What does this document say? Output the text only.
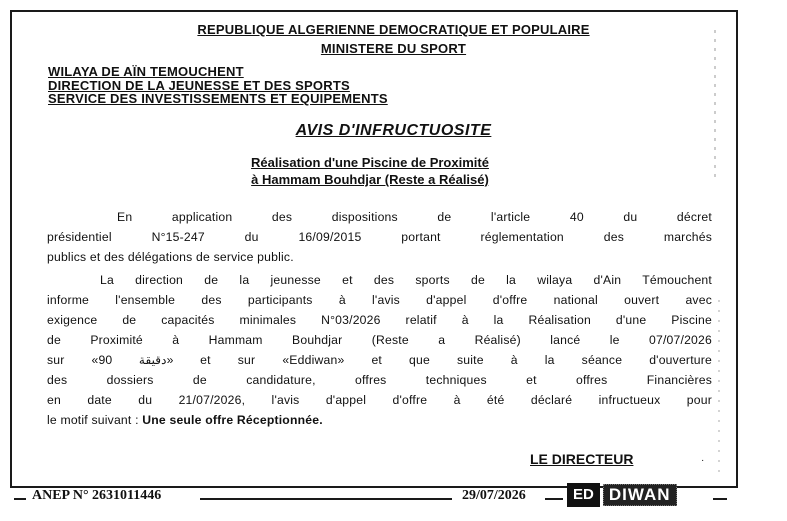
REPUBLIQUE ALGERIENNE DEMOCRATIQUE ET POPULAIRE
MINISTERE DU SPORT
WILAYA DE AÏN TEMOUCHENT
DIRECTION DE LA JEUNESSE ET DES SPORTS
SERVICE DES INVESTISSEMENTS ET EQUIPEMENTS
AVIS D'INFRUCTUOSITE
Réalisation d'une Piscine de Proximité
à Hammam Bouhdjar (Reste a Réalisé)
En application des dispositions de l'article 40 du décret
présidentiel N°15-247 du 16/09/2015 portant réglementation des marchés
publics et des délégations de service public.
La direction de la jeunesse et des sports de la wilaya d'Ain Témouchent
informe l'ensemble des participants à l'avis d'appel d'offre national ouvert avec
exigence de capacités minimales N°03/2026 relatif à la Réalisation d'une Piscine
de Proximité à Hammam Bouhdjar (Reste a Réalisé) lancé le 07/07/2026
sur «دقيقة 90» et sur «Eddiwan» et que suite à la séance d'ouverture
des dossiers de candidature, offres techniques et offres Financières
en date du 21/07/2026, l'avis d'appel d'offre à été déclaré infructueux pour
le motif suivant : Une seule offre Réceptionnée.
LE DIRECTEUR	·
ANEP N° 2631011446	29/07/2026	ED DIWAN
